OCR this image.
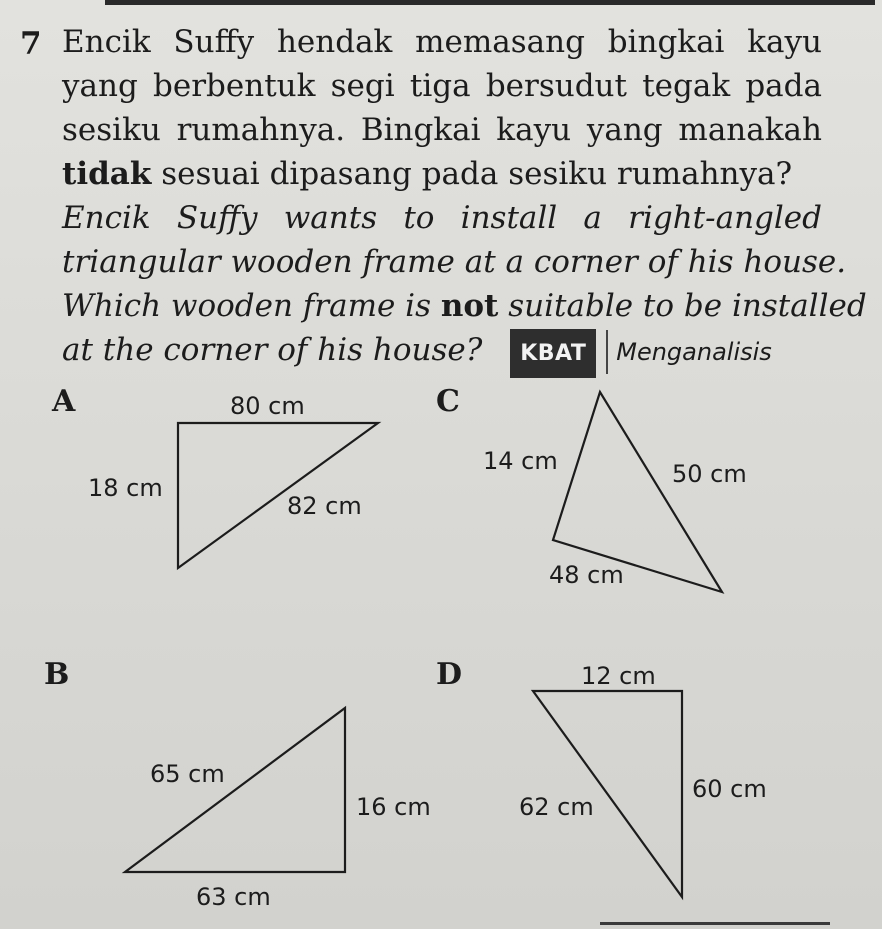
7 Encik Suffy hendak memasang bingkai kayu
yang berbentuk segi tiga bersudut tegak pada
sesiku rumahnya. Bingkai kayu yang manakah
tidak sesuai dipasang pada sesiku rumahnya?
Encik Suffy wants to install a right-angled
triangular wooden frame at a corner of his house.
Which wooden frame is not suitable to be installed
at the corner of his house? KBAT Menganalisis
A	80 cm
18 cm
82 cm
C
14 cm	50 cm
48 cm
B
65 cm
16 cm
63 cm
D	12 cm
60 cm
62 cm
